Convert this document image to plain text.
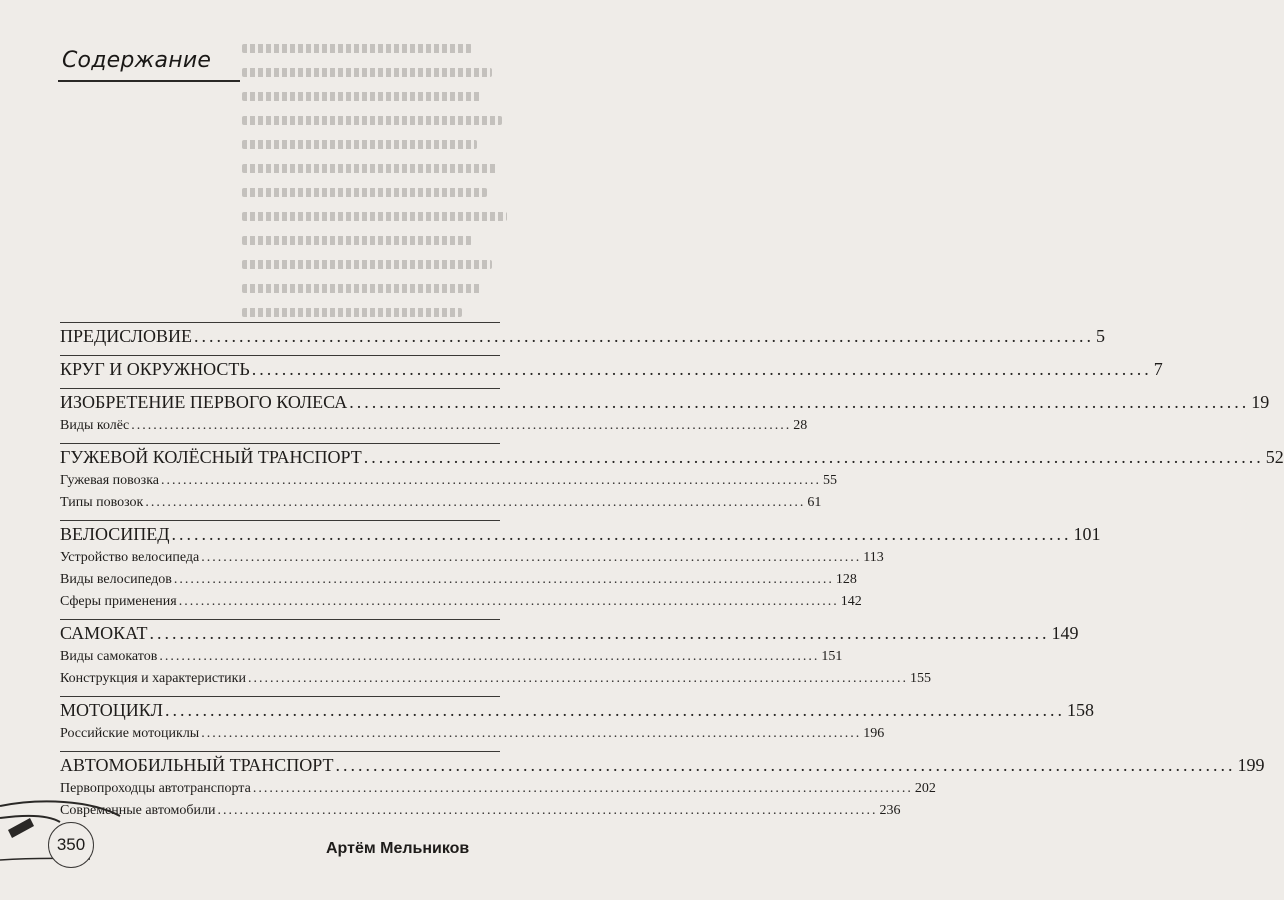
Содержание
ПРЕДИСЛОВИЕ ........................................................................................................................ 5
КРУГ И ОКРУЖНОСТЬ ........................................................................................................................ 7
ИЗОБРЕТЕНИЕ ПЕРВОГО КОЛЕСА ........................................................................................................................ 19
Виды колёс ........................................................................................................................ 28
ГУЖЕВОЙ КОЛЁСНЫЙ ТРАНСПОРТ ........................................................................................................................ 52
Гужевая повозка ........................................................................................................................ 55
Типы повозок ........................................................................................................................ 61
ВЕЛОСИПЕД ........................................................................................................................ 101
Устройство велосипеда ........................................................................................................................ 113
Виды велосипедов ........................................................................................................................ 128
Сферы применения ........................................................................................................................ 142
САМОКАТ ........................................................................................................................ 149
Виды самокатов ........................................................................................................................ 151
Конструкция и характеристики ........................................................................................................................ 155
МОТОЦИКЛ ........................................................................................................................ 158
Российские мотоциклы ........................................................................................................................ 196
АВТОМОБИЛЬНЫЙ ТРАНСПОРТ ........................................................................................................................ 199
Первопроходцы автотранспорта ........................................................................................................................ 202
Современные автомобили ........................................................................................................................ 236
350	Артём Мельников
